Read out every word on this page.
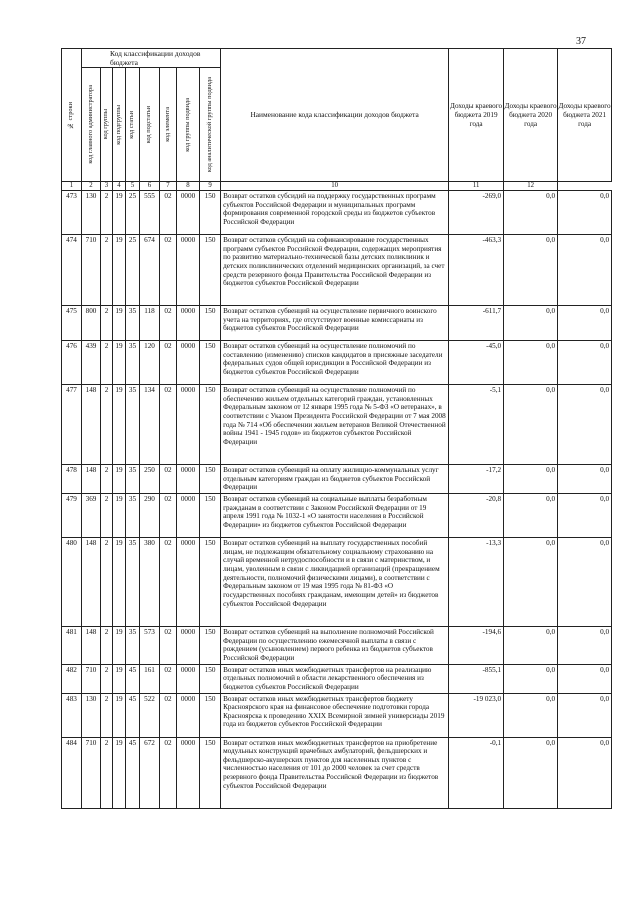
37
№ строки	Код классификации доходов бюджета								Наименование кода классификации доходов бюджета	Доходы краевого бюджета 2019 года	Доходы краевого бюджета 2020 года	Доходы краевого бюджета 2021 года

	код главного администратора	код группы	код подгруппы	код статьи	код подстатьи	код элемента	код группы подвида	код аналитической группы подвида				

1	2	3	4	5	6	7	8	9	10	11	12	
473	130	2	19	25	555	02	0000	150	Возврат остатков субсидий на поддержку государственных программ субъектов Российской Федерации и муниципальных программ формирования современной городской среды из бюджетов субъектов Российской Федерации	-269,0	0,0	0,0
474	710	2	19	25	674	02	0000	150	Возврат остатков субсидий на софинансирование государственных программ субъектов Российской Федерации, содержащих мероприятия по развитию материально-технической базы детских поликлиник и детских поликлинических отделений медицинских организаций, за счет средств резервного фонда Правительства Российской Федерации из бюджетов субъектов Российской Федерации	-463,3	0,0	0,0
475	800	2	19	35	118	02	0000	150	Возврат остатков субвенций на осуществление первичного воинского учета на территориях, где отсутствуют военные комиссариаты из бюджетов субъектов Российской Федерации	-611,7	0,0	0,0
476	439	2	19	35	120	02	0000	150	Возврат остатков субвенций на осуществление полномочий по составлению (изменению) списков кандидатов в присяжные заседатели федеральных судов общей юрисдикции в Российской Федерации из бюджетов субъектов Российской Федерации	-45,0	0,0	0,0
477	148	2	19	35	134	02	0000	150	Возврат остатков субвенций на осуществление полномочий по обеспечению жильем отдельных категорий граждан, установленных Федеральным законом от 12 января 1995 года № 5-ФЗ «О ветеранах», в соответствии с Указом Президента Российской Федерации от 7 мая 2008 года № 714 «Об обеспечении жильем ветеранов Великой Отечественной войны 1941 - 1945 годов» из бюджетов субъектов Российской Федерации	-5,1	0,0	0,0
478	148	2	19	35	250	02	0000	150	Возврат остатков субвенций на оплату жилищно-коммунальных услуг отдельным категориям граждан из бюджетов субъектов Российской Федерации	-17,2	0,0	0,0
479	369	2	19	35	290	02	0000	150	Возврат остатков субвенций на социальные выплаты безработным гражданам в соответствии с Законом Российской Федерации от 19 апреля 1991 года № 1032-1 «О занятости населения в Российской Федерации» из бюджетов субъектов Российской Федерации	-20,8	0,0	0,0
480	148	2	19	35	380	02	0000	150	Возврат остатков субвенций на выплату государственных пособий лицам, не подлежащим обязательному социальному страхованию на случай временной нетрудоспособности и в связи с материнством, и лицам, уволенным в связи с ликвидацией организаций (прекращением деятельности, полномочий физическими лицами), в соответствии с Федеральным законом от 19 мая 1995 года № 81-ФЗ «О государственных пособиях гражданам, имеющим детей» из бюджетов субъектов Российской Федерации	-13,3	0,0	0,0
481	148	2	19	35	573	02	0000	150	Возврат остатков субвенций на выполнение полномочий Российской Федерации по осуществлению ежемесячной выплаты в связи с рождением (усыновлением) первого ребенка из бюджетов субъектов Российской Федерации	-194,6	0,0	0,0
482	710	2	19	45	161	02	0000	150	Возврат остатков иных межбюджетных трансфертов на реализацию отдельных полномочий в области лекарственного обеспечения из бюджетов субъектов Российской Федерации	-855,1	0,0	0,0
483	130	2	19	45	522	02	0000	150	Возврат остатков иных межбюджетных трансфертов бюджету Красноярского края на финансовое обеспечение подготовки города Красноярска к проведению XXIX Всемирной зимней универсиады 2019 года из бюджетов субъектов Российской Федерации	-19 023,0	0,0	0,0
484	710	2	19	45	672	02	0000	150	Возврат остатков иных межбюджетных трансфертов на приобретение модульных конструкций врачебных амбулаторий, фельдшерских и фельдшерско-акушерских пунктов для населенных пунктов с численностью населения от 101 до 2000 человек за счет средств резервного фонда Правительства Российской Федерации из бюджетов субъектов Российской Федерации	-0,1	0,0	0,0
